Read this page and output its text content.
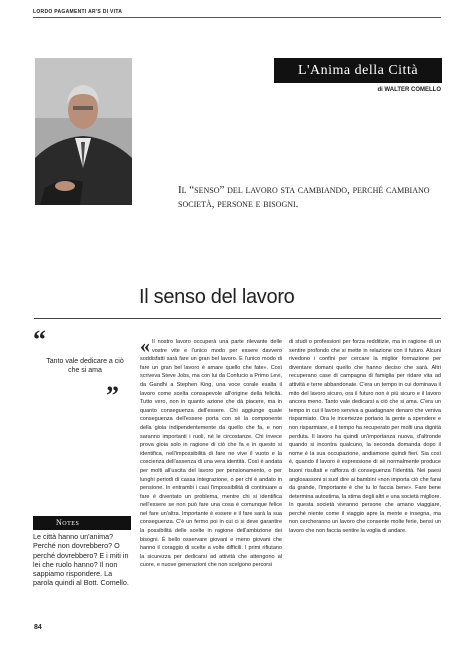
LORDO PAGAMENTI AR'S DI VITA
L'Anima della Città
di WALTER COMELLO
Il “senso” del lavoro sta cambiando, perché cambiano società, persone e bisogni.
Il senso del lavoro
“
Tanto vale dedicare a ciò che si ama
”
Notes
Le città hanno un'anima? Perché non dovrebbero? O perché dovrebbero? E i miti in lei che ruolo hanno? Il non sappiamo rispondere. La parola quindi al Bott. Comello.
« Il nostro lavoro occuperà una parte rilevante delle vostre vite e l'unico modo per essere davvero soddisfatti sarà fare un gran bel lavoro. E l'unico modo di fare un gran bel lavoro è amare quello che fate». Così scriveva Steve Jobs, ma con lui da Confucio a Primo Levi, da Gandhi a Stephen King, una voce corale esalta il lavoro come scelta consapevole all'origine della felicità. Tutto vero, non in quanto azione che dà piacere, ma in quanto conseguenza dell'essere. Chi aggiunge quale conseguenza dell'essere porta con sé la componente della gioia indipendentemente da quello che fa, e non saranno importanti i ruoli, né le circostanze. Chi invece prova gioia solo in ragione di ciò che fa e in questo si identifica, nell'impossibilità di fare ne vive il vuoto e la coscienza dell'assenza di una vera identità. Così è andata per molti all'uscita del lavoro per pensionamento, o per lunghi periodi di cassa integrazione, o per chi è andato in pensione. In entrambi i casi l'impossibilità di continuare a fare è diventato un problema, mentre chi si identifica nell'essere se non può fare una cosa è comunque felice nel fare un'altra. Importante è essere e il fare sarà la sua conseguenza. C'è un fermo poi in cui ci si deve garantire la possibilità delle scelte in ragione dell'ambizione dei bisogni. È bello osservare giovani e meno giovani che hanno il coraggio di scelte a volte difficili. I primi rifiutano la sicurezza per dedicarsi ad attività che attengono al cuore, e nuove generazioni che non scelgono percorsi

di studi o professioni per forza redditizie, ma in ragione di un sentire profondo che si mette in relazione con il futuro. Alcuni rivedono i confini per cercare la miglior formazione per diventare domani quello che hanno deciso che sarà. Altri recuperano case di campagna di famiglia per ridare vita ad attività e terre abbandonate. C'era un tempo in cui dominava il mito del lavoro sicuro, ora il futuro non è più sicuro e il lavoro ancora meno. Tanto vale dedicarsi a ciò che si ama. C'era un tempo in cui il lavoro serviva a guadagnare denaro che veniva risparmiato. Ora le incertezze portano la gente a spendere e non risparmiare, e il tempo ha recuperato per molti una dignità perduta. Il lavoro ha quindi un'importanza nuova, d'altronde quando si incontra qualcuno, la seconda domanda dopo il nome è la sua occupazione, andiamone quindi fieri. Sia così è, quando il lavoro è espressione di sé normalmente produce buoni risultati e rafforza di conseguenza l'identità. Nei paesi anglosassoni si suol dire ai bambini «non importa ciò che farai da grande, l'importante è che tu lo faccia bene». Fare bene determina autostima, la stima degli altri e una società migliore. In questa società vivranno persone che amano viaggiare, perché niente come il viaggio apre la mente e insegna, ma non cercheranno un lavoro che consente molte ferie, bensì un lavoro che non faccia sentire la voglia di andare.

84
